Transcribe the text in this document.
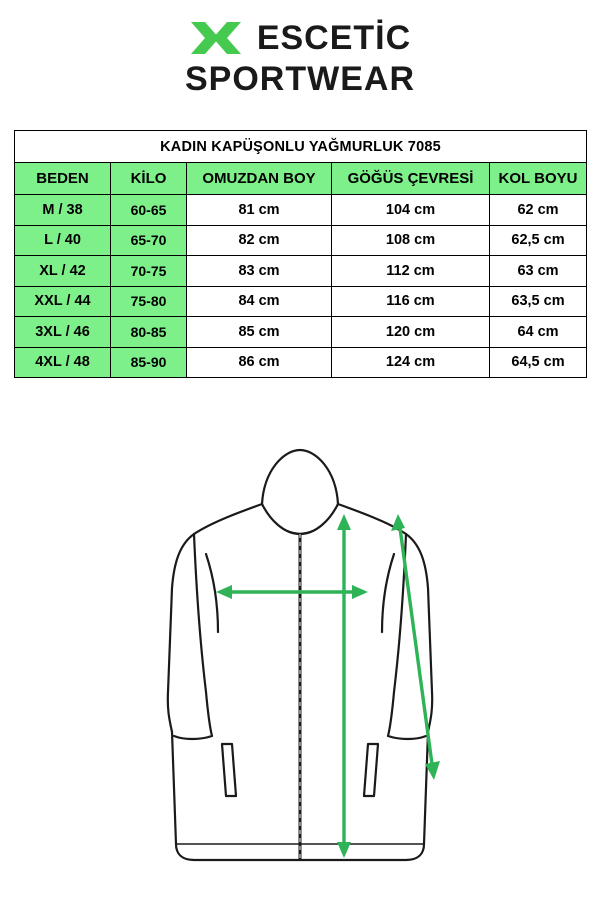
ESCETİC
SPORTWEAR
KADIN KAPÜŞONLU YAĞMURLUK 7085				
BEDEN	KİLO	OMUZDAN BOY	GÖĞÜS ÇEVRESİ	KOL BOYU
M / 38	60-65	81 cm	104 cm	62 cm
L / 40	65-70	82 cm	108 cm	62,5 cm
XL / 42	70-75	83 cm	112 cm	63 cm
XXL / 44	75-80	84 cm	116 cm	63,5 cm
3XL / 46	80-85	85 cm	120 cm	64 cm
4XL / 48	85-90	86 cm	124 cm	64,5 cm
